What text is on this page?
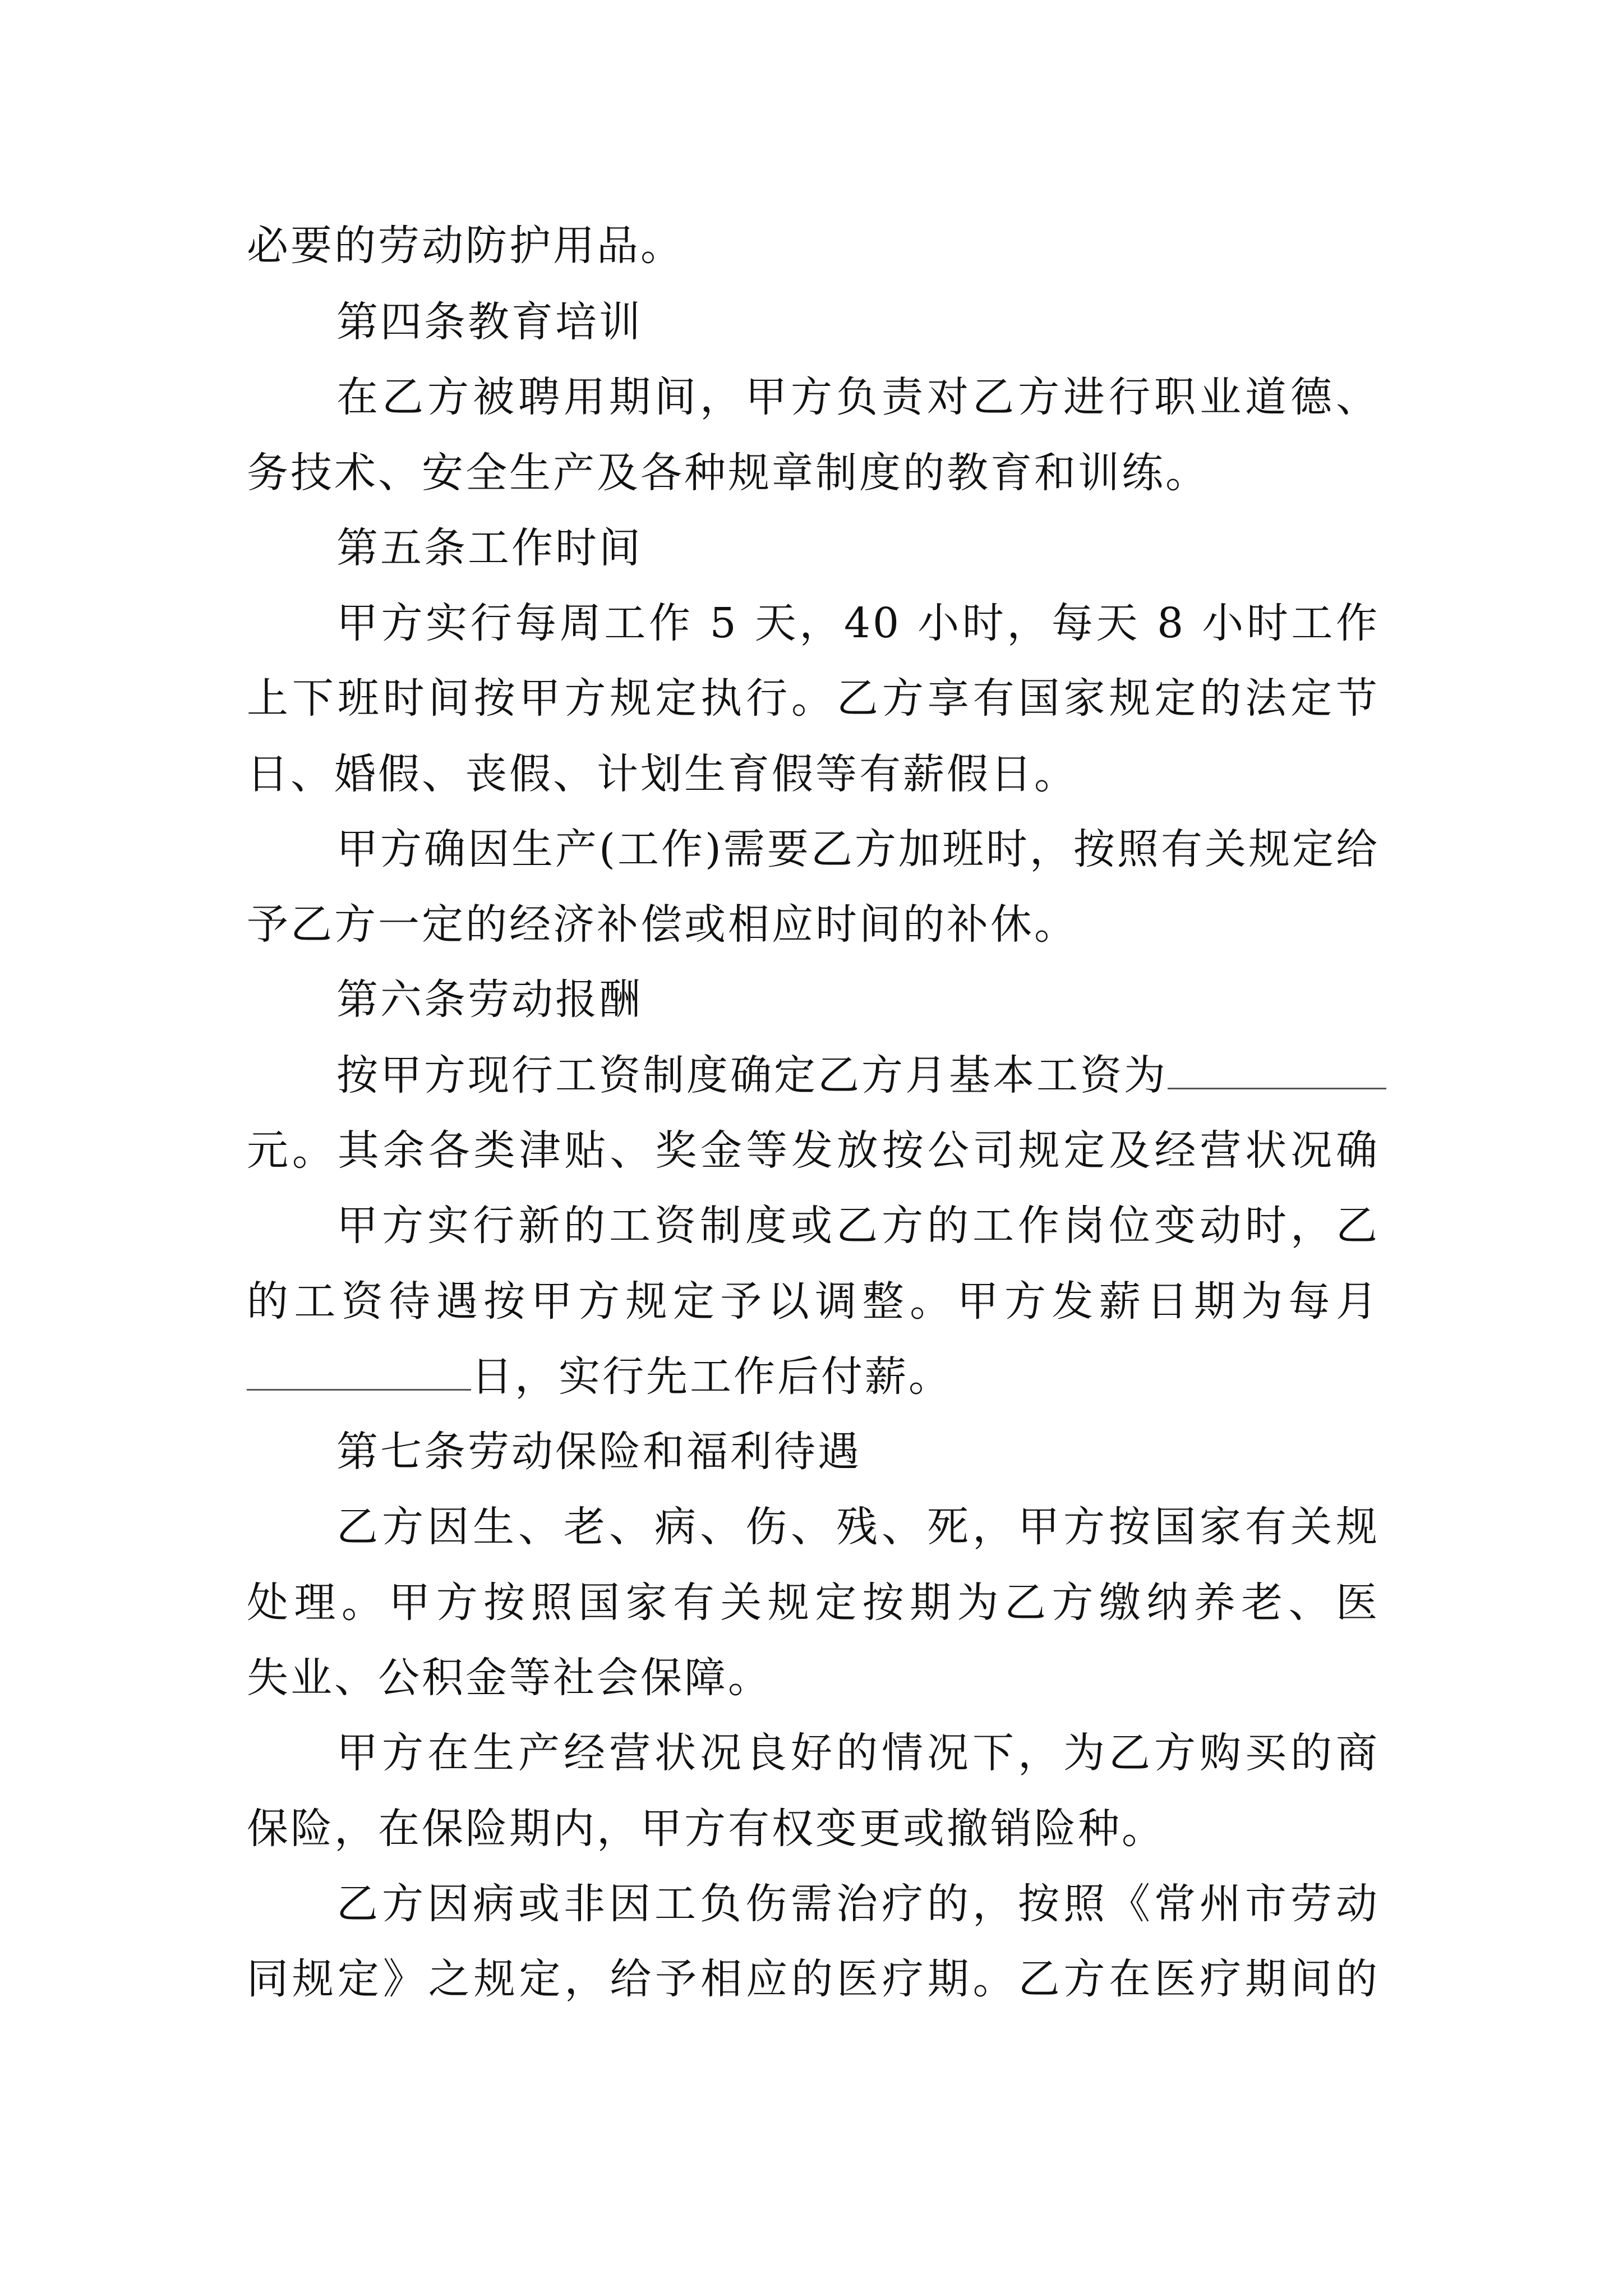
必要的劳动防护用品。
第四条教育培训
在乙方被聘用期间，甲方负责对乙方进行职业道德、
务技术、安全生产及各种规章制度的教育和训练。
第五条工作时间
甲方实行每周工作 5 天，40 小时，每天 8 小时工作
上下班时间按甲方规定执行。乙方享有国家规定的法定节
日、婚假、丧假、计划生育假等有薪假日。
甲方确因生产(工作)需要乙方加班时，按照有关规定给
予乙方一定的经济补偿或相应时间的补休。
第六条劳动报酬
按甲方现行工资制度确定乙方月基本工资为
元。其余各类津贴、奖金等发放按公司规定及经营状况确
甲方实行新的工资制度或乙方的工作岗位变动时，乙
的工资待遇按甲方规定予以调整。甲方发薪日期为每月
日，实行先工作后付薪。
第七条劳动保险和福利待遇
乙方因生、老、病、伤、残、死，甲方按国家有关规
处理。甲方按照国家有关规定按期为乙方缴纳养老、医
失业、公积金等社会保障。
甲方在生产经营状况良好的情况下，为乙方购买的商
保险，在保险期内，甲方有权变更或撤销险种。
乙方因病或非因工负伤需治疗的，按照《常州市劳动
同规定》之规定，给予相应的医疗期。乙方在医疗期间的
